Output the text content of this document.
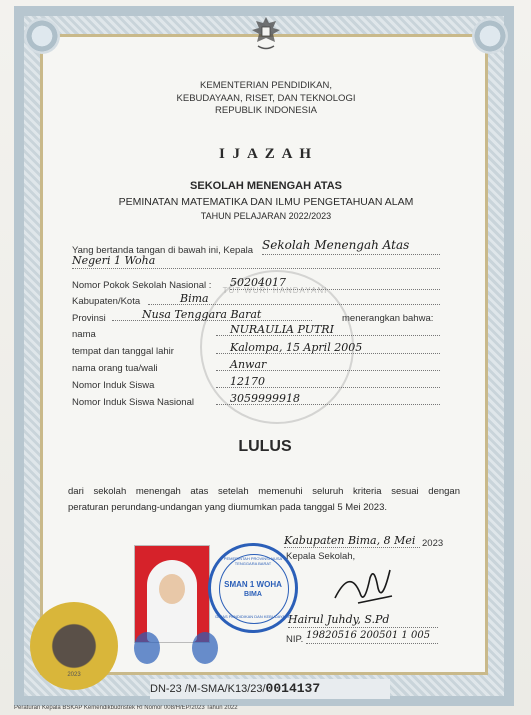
KEMENTERIAN PENDIDIKAN,
KEBUDAYAAN, RISET, DAN TEKNOLOGI
REPUBLIK INDONESIA
I J A Z A H
SEKOLAH MENENGAH ATAS
PEMINATAN MATEMATIKA DAN ILMU PENGETAHUAN ALAM
TAHUN PELAJARAN 2022/2023
TUT WURI HANDAYANI
Yang bertanda tangan di bawah ini, Kepala Sekolah Menengah Atas
Negeri 1 Woha
Nomor Pokok Sekolah Nasional : 50204017
Kabupaten/Kota	Bima
Provinsi	Nusa Tenggara Barat	menerangkan bahwa:
nama	NURAULIA PUTRI
tempat dan tanggal lahir	Kalompa, 15 April 2005
nama orang tua/wali	Anwar
Nomor Induk Siswa	12170
Nomor Induk Siswa Nasional	3059999918
LULUS
dari sekolah menengah atas setelah memenuhi seluruh kriteria sesuai dengan
peraturan perundang-undangan yang diumumkan pada tanggal 5 Mei 2023.
Kabupaten Bima, 8 Mei 2023
Kepala Sekolah,
Hairul Juhdy, S.Pd
NIP. 19820516 200501 1 005
PEMERINTAH PROVINSI NUSA TENGGARA BARAT
SMAN 1 WOHA
BIMA
DINAS PENDIDIKAN DAN KEBUDAYAAN
2023
DN-23 /M-SMA/K13/23/0014137
Peraturan Kepala BSKAP Kemendikbudristek RI Nomor 008/H/EP/2023 Tahun 2022
